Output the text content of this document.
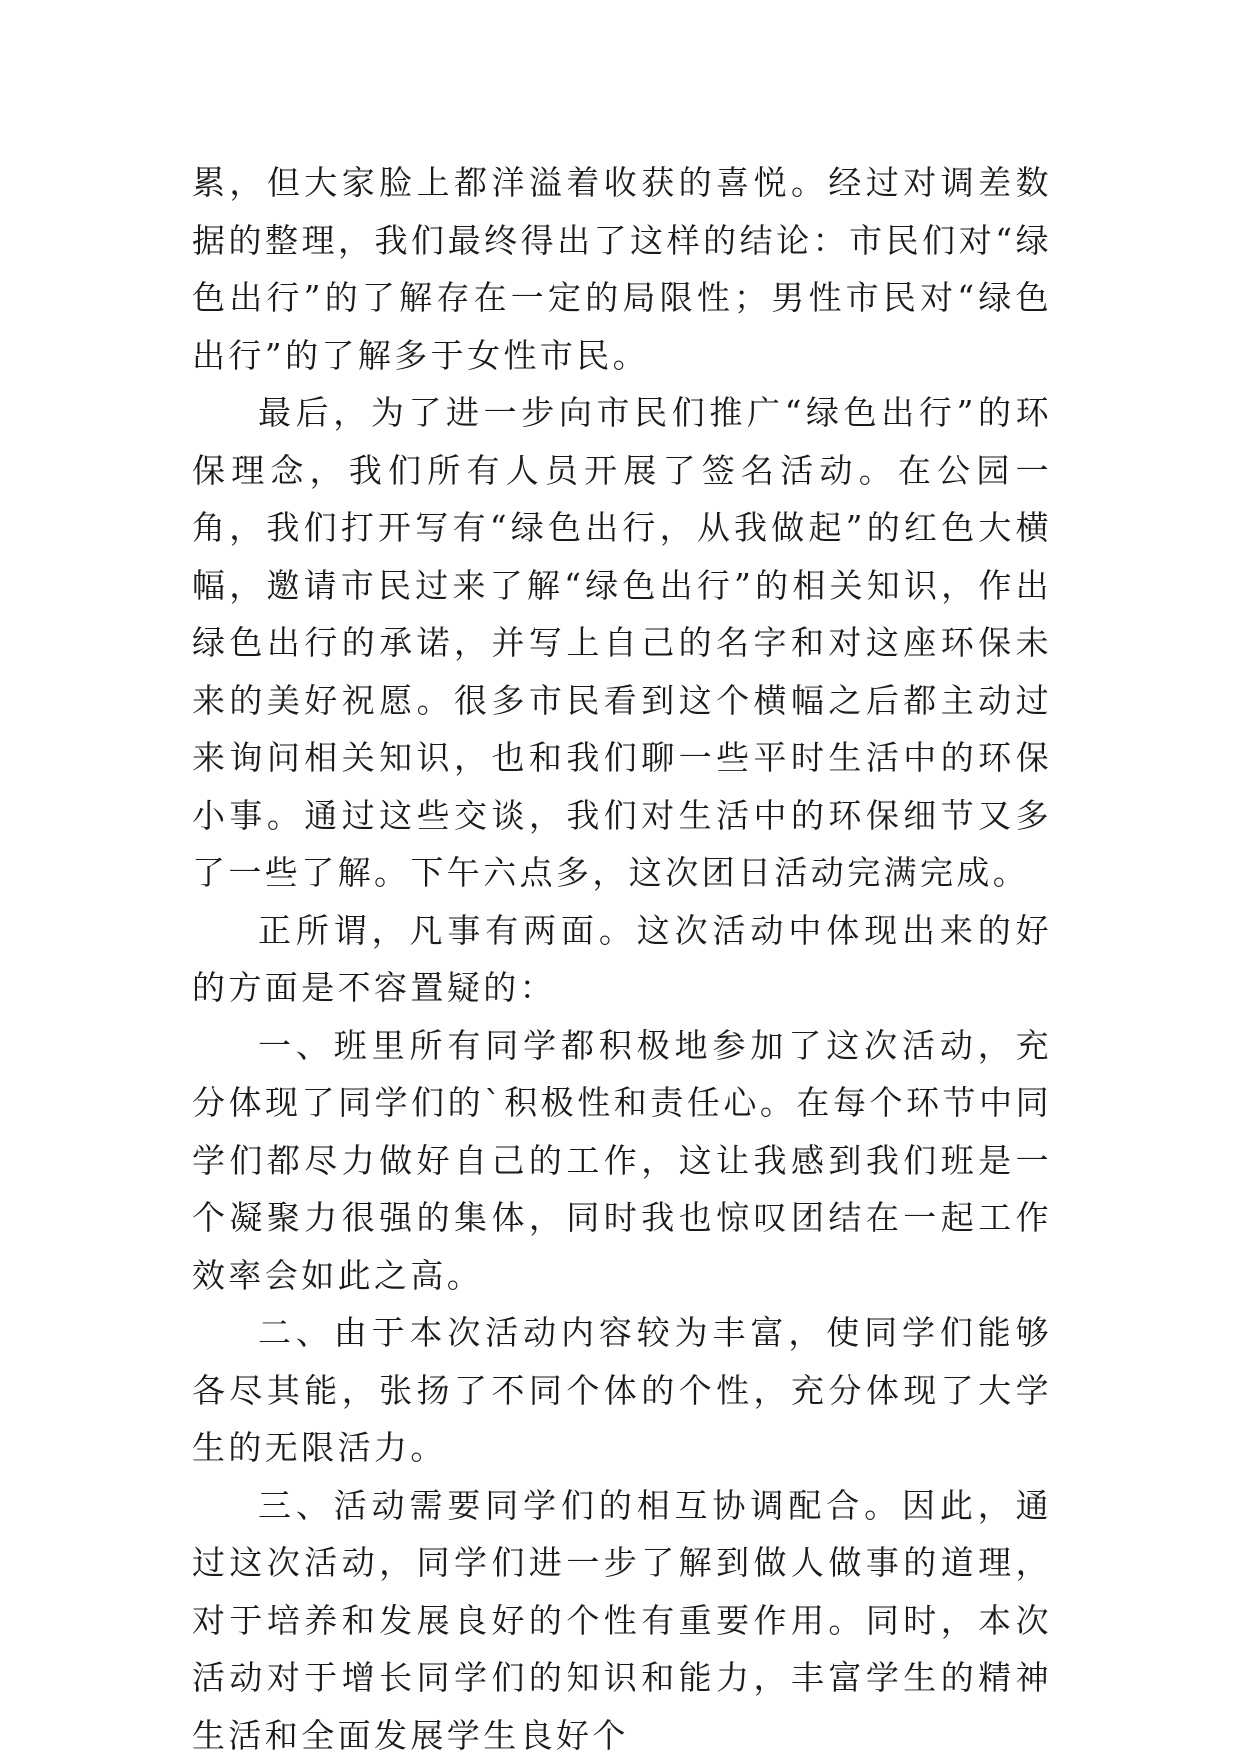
累，但大家脸上都洋溢着收获的喜悦。经过对调差数据的整理，我们最终得出了这样的结论：市民们对“绿色出行”的了解存在一定的局限性；男性市民对“绿色出行”的了解多于女性市民。

最后，为了进一步向市民们推广“绿色出行”的环保理念，我们所有人员开展了签名活动。在公园一角，我们打开写有“绿色出行，从我做起”的红色大横幅，邀请市民过来了解“绿色出行”的相关知识，作出绿色出行的承诺，并写上自己的名字和对这座环保未来的美好祝愿。很多市民看到这个横幅之后都主动过来询问相关知识，也和我们聊一些平时生活中的环保小事。通过这些交谈，我们对生活中的环保细节又多了一些了解。下午六点多，这次团日活动完满完成。

正所谓，凡事有两面。这次活动中体现出来的好的方面是不容置疑的：

一、班里所有同学都积极地参加了这次活动，充分体现了同学们的`积极性和责任心。在每个环节中同学们都尽力做好自己的工作，这让我感到我们班是一个凝聚力很强的集体，同时我也惊叹团结在一起工作效率会如此之高。

二、由于本次活动内容较为丰富，使同学们能够各尽其能，张扬了不同个体的个性，充分体现了大学生的无限活力。

三、活动需要同学们的相互协调配合。因此，通过这次活动，同学们进一步了解到做人做事的道理，对于培养和发展良好的个性有重要作用。同时，本次活动对于增长同学们的知识和能力，丰富学生的精神生活和全面发展学生良好个
